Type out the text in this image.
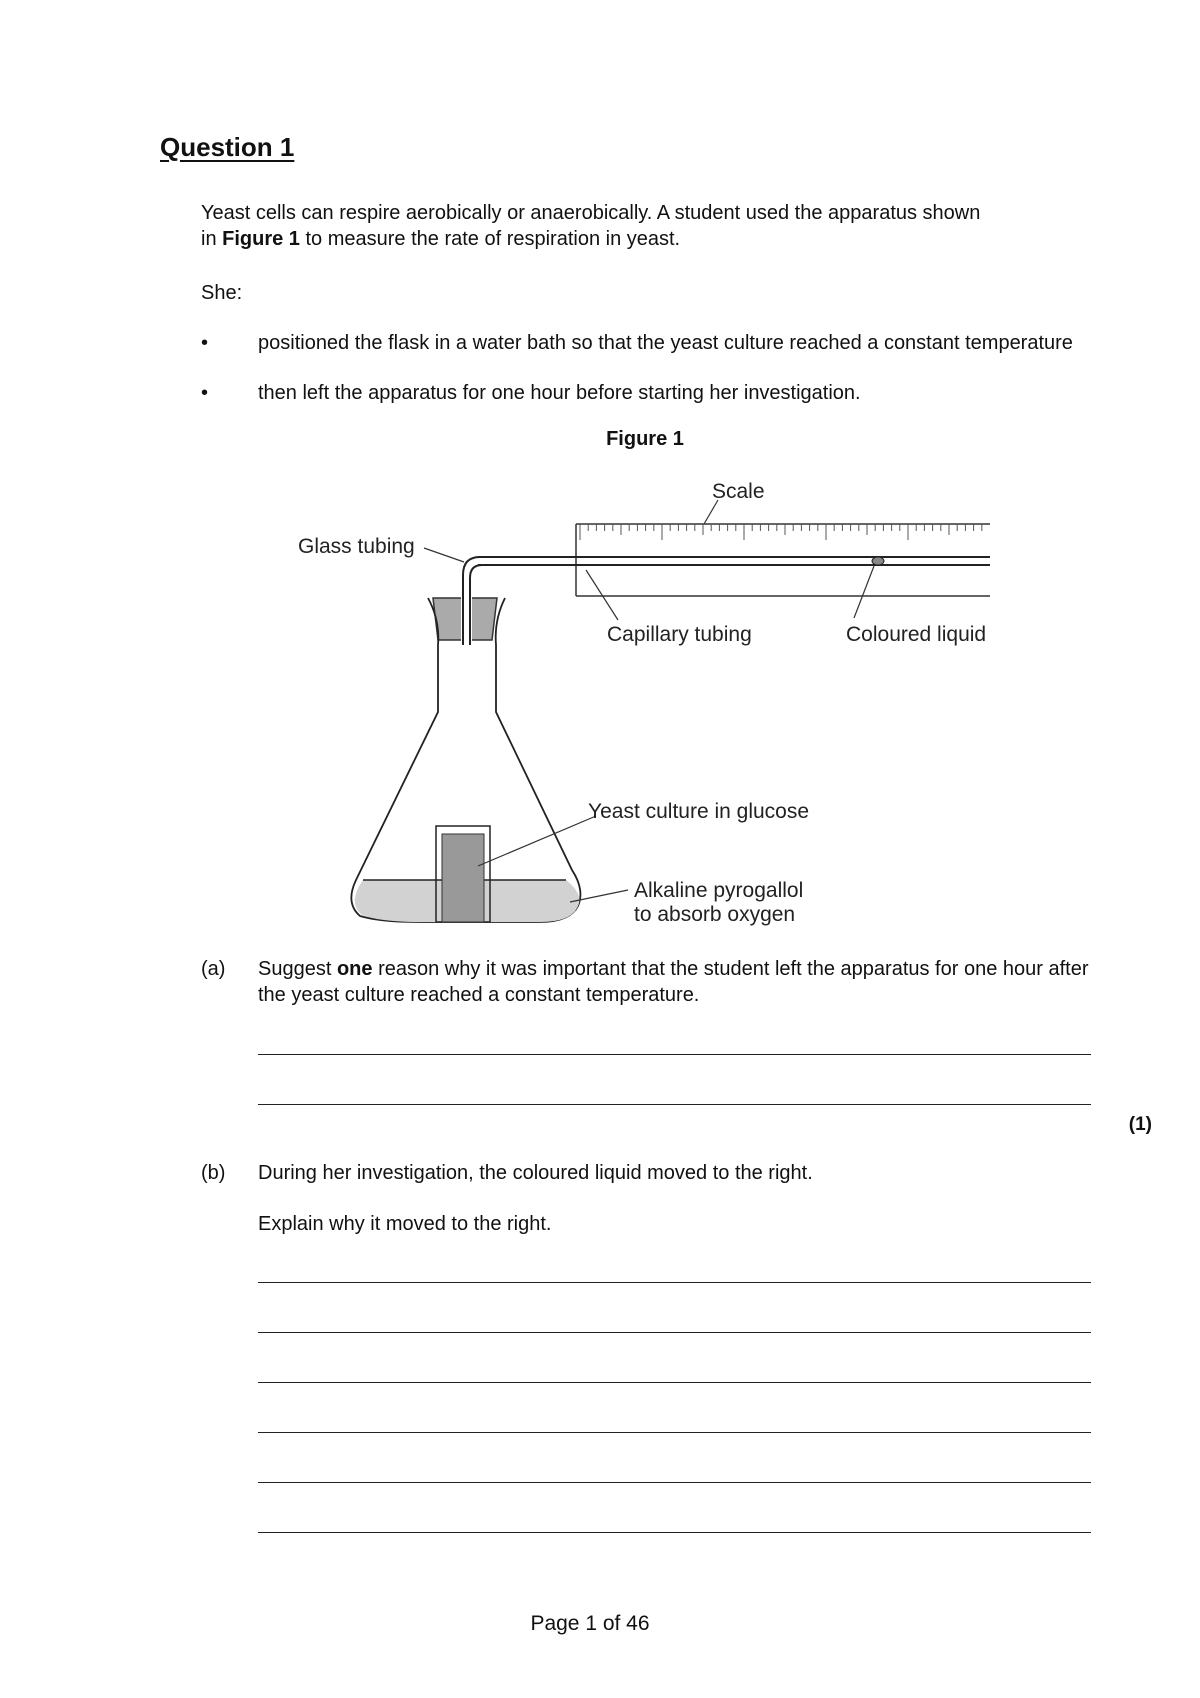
Question 1
Yeast cells can respire aerobically or anaerobically. A student used the apparatus shown
in Figure 1 to measure the rate of respiration in yeast.
She:
• positioned the flask in a water bath so that the yeast culture reached a constant temperature
• then left the apparatus for one hour before starting her investigation.
Figure 1
Scale
Glass tubing
Capillary tubing	Coloured liquid
Yeast culture in glucose
Alkaline pyrogallol
to absorb oxygen
(a) Suggest one reason why it was important that the student left the apparatus for one hour after the yeast culture reached a constant temperature.
(1)
(b) During her investigation, the coloured liquid moved to the right.
Explain why it moved to the right.
Page 1 of 46
